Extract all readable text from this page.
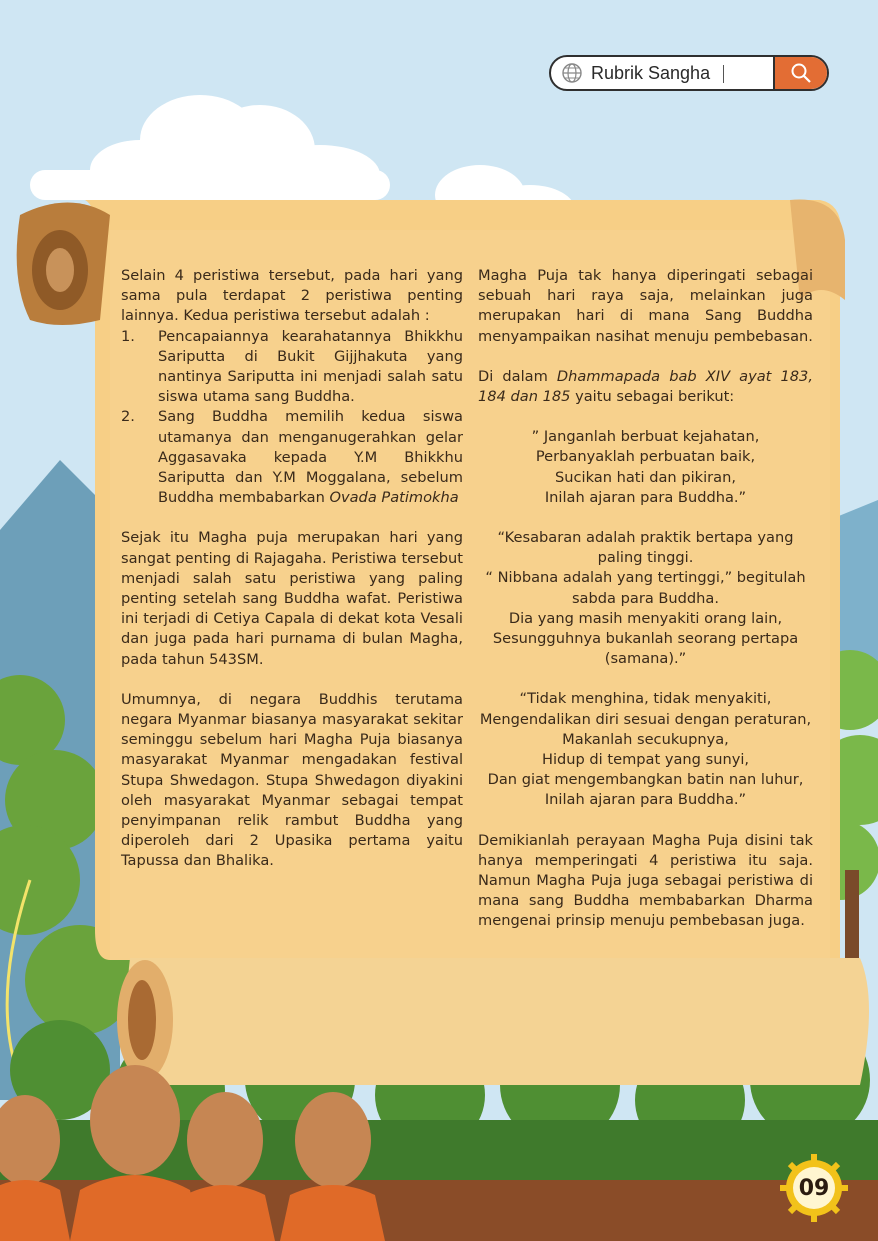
Rubrik Sangha

Selain 4 peristiwa tersebut, pada hari yang sama pula terdapat 2 peristiwa penting lainnya. Kedua peristiwa tersebut adalah :

1.	Pencapaiannya kearahatannya Bhikkhu Sariputta di Bukit Gijjhakuta yang nantinya Sariputta ini menjadi salah satu siswa utama sang Buddha.
2.	Sang Buddha memilih kedua siswa utamanya dan menganugerahkan gelar Aggasavaka kepada Y.M Bhikkhu Sariputta dan Y.M Moggalana, sebelum Buddha membabarkan Ovada Patimokha

Sejak itu Magha puja merupakan hari yang sangat penting di Rajagaha. Peristiwa tersebut menjadi salah satu peristiwa yang paling penting setelah sang Buddha wafat. Peristiwa ini terjadi di Cetiya Capala di dekat kota Vesali dan juga pada hari purnama di bulan Magha, pada tahun 543SM.

Umumnya, di negara Buddhis terutama negara Myanmar biasanya masyarakat sekitar seminggu sebelum hari Magha Puja biasanya masyarakat Myanmar mengadakan festival Stupa Shwedagon. Stupa Shwedagon diyakini oleh masyarakat Myanmar sebagai tempat penyimpanan relik rambut Buddha yang diperoleh dari 2 Upasika pertama yaitu Tapussa dan Bhalika.

Magha Puja tak hanya diperingati sebagai sebuah hari raya saja, melainkan juga merupakan hari di mana Sang Buddha menyampaikan nasihat menuju pembebasan.

Di dalam Dhammapada bab XIV ayat 183, 184 dan 185 yaitu sebagai berikut:

” Janganlah berbuat kejahatan,
Perbanyaklah perbuatan baik,
Sucikan hati dan pikiran,
Inilah ajaran para Buddha.”
“Kesabaran adalah praktik bertapa yang
paling tinggi.
“ Nibbana adalah yang tertinggi,” begitulah
sabda para Buddha.
Dia yang masih menyakiti orang lain,
Sesungguhnya bukanlah seorang pertapa
(samana).”
“Tidak menghina, tidak menyakiti,
Mengendalikan diri sesuai dengan peraturan,
Makanlah secukupnya,
Hidup di tempat yang sunyi,
Dan giat mengembangkan batin nan luhur,
Inilah ajaran para Buddha.”

Demikianlah perayaan Magha Puja disini tak hanya memperingati 4 peristiwa itu saja. Namun Magha Puja juga sebagai peristiwa di mana sang Buddha membabarkan Dharma mengenai prinsip menuju pembebasan juga.

09
